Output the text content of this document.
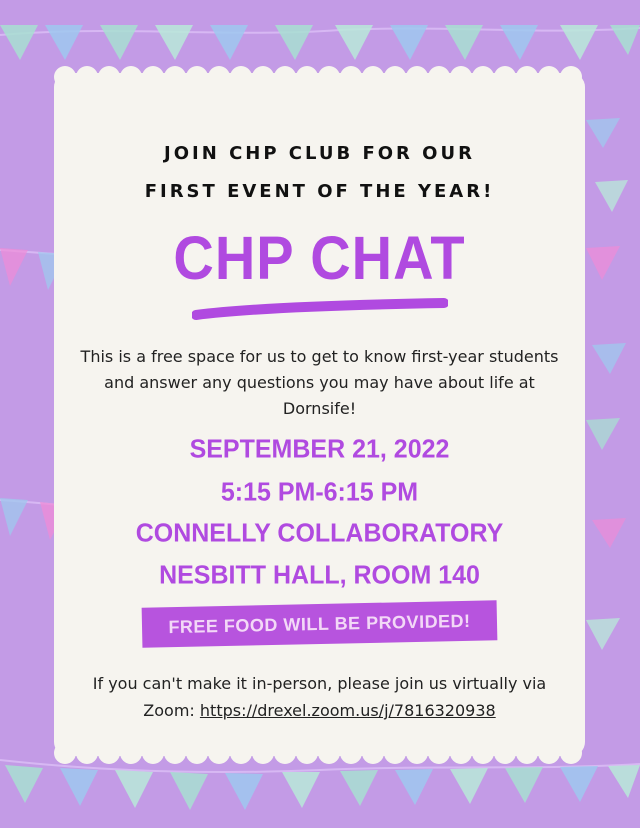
JOIN CHP CLUB FOR OUR
FIRST EVENT OF THE YEAR!
CHP CHAT
This is a free space for us to get to know first-year students and answer any questions you may have about life at Dornsife!
SEPTEMBER 21, 2022
5:15 PM-6:15 PM
CONNELLY COLLABORATORY
NESBITT HALL, ROOM 140
FREE FOOD WILL BE PROVIDED!
If you can't make it in-person, please join us virtually via
Zoom: https://drexel.zoom.us/j/7816320938
